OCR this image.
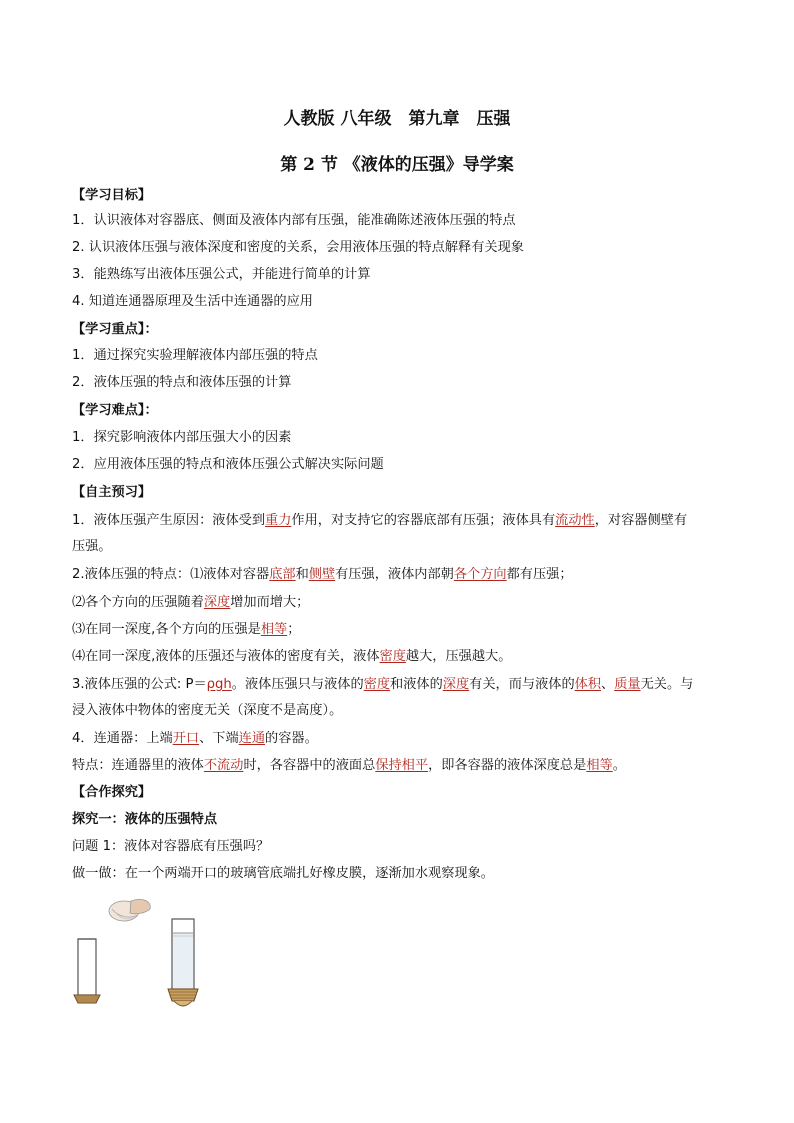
人教版 八年级　第九章　压强
第 2 节 《液体的压强》导学案
【学习目标】
1．认识液体对容器底、侧面及液体内部有压强，能准确陈述液体压强的特点
2. 认识液体压强与液体深度和密度的关系，会用液体压强的特点解释有关现象
3．能熟练写出液体压强公式，并能进行简单的计算
4. 知道连通器原理及生活中连通器的应用
【学习重点】：
1．通过探究实验理解液体内部压强的特点
2．液体压强的特点和液体压强的计算
【学习难点】：
1．探究影响液体内部压强大小的因素
2．应用液体压强的特点和液体压强公式解决实际问题
【自主预习】
1．液体压强产生原因：液体受到重力作用，对支持它的容器底部有压强；液体具有流动性，对容器侧壁有
压强。
2.液体压强的特点：⑴液体对容器底部和侧壁有压强，液体内部朝各个方向都有压强；
⑵各个方向的压强随着深度增加而增大；
⑶在同一深度,各个方向的压强是相等；
⑷在同一深度,液体的压强还与液体的密度有关，液体密度越大，压强越大。
3.液体压强的公式: P＝ρgh。液体压强只与液体的密度和液体的深度有关，而与液体的体积、质量无关。与
浸入液体中物体的密度无关（深度不是高度）。
4．连通器：上端开口、下端连通的容器。
特点：连通器里的液体不流动时，各容器中的液面总保持相平，即各容器的液体深度总是相等。
【合作探究】
探究一：液体的压强特点
问题 1：液体对容器底有压强吗？
做一做：在一个两端开口的玻璃管底端扎好橡皮膜，逐渐加水观察现象。
